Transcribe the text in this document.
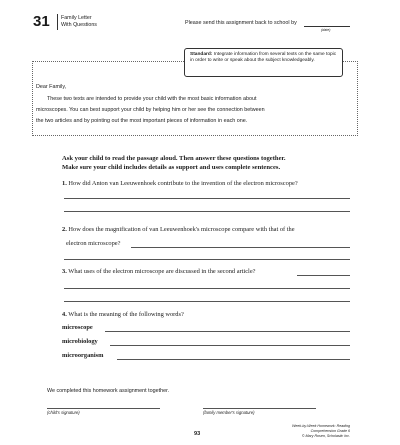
31 Family Letter
With Questions	Please send this assignment back to school by
(date)
Standard: Integrate information from several texts on the same topic in order to write or speak about the subject knowledgeably.
Dear Family,
These two texts are intended to provide your child with the most basic information about
microscopes. You can best support your child by helping him or her see the connection between
the two articles and by pointing out the most important pieces of information in each one.
Ask your child to read the passage aloud. Then answer these questions together.
Make sure your child includes details as support and uses complete sentences.
1. How did Anton van Leeuwenhoek contribute to the invention of the electron microscope?
2. How does the magnification of van Leeuwenhoek's microscope compare with that of the
electron microscope?
3. What uses of the electron microscope are discussed in the second article?
4. What is the meaning of the following words?
microscope
microbiology
microorganism
We completed this homework assignment together.
(child's signature)	(family member's signature)
93
Week-by-Week Homework: Reading Comprehension Grade 6
© Mary Rosen, Scholastic Inc.
